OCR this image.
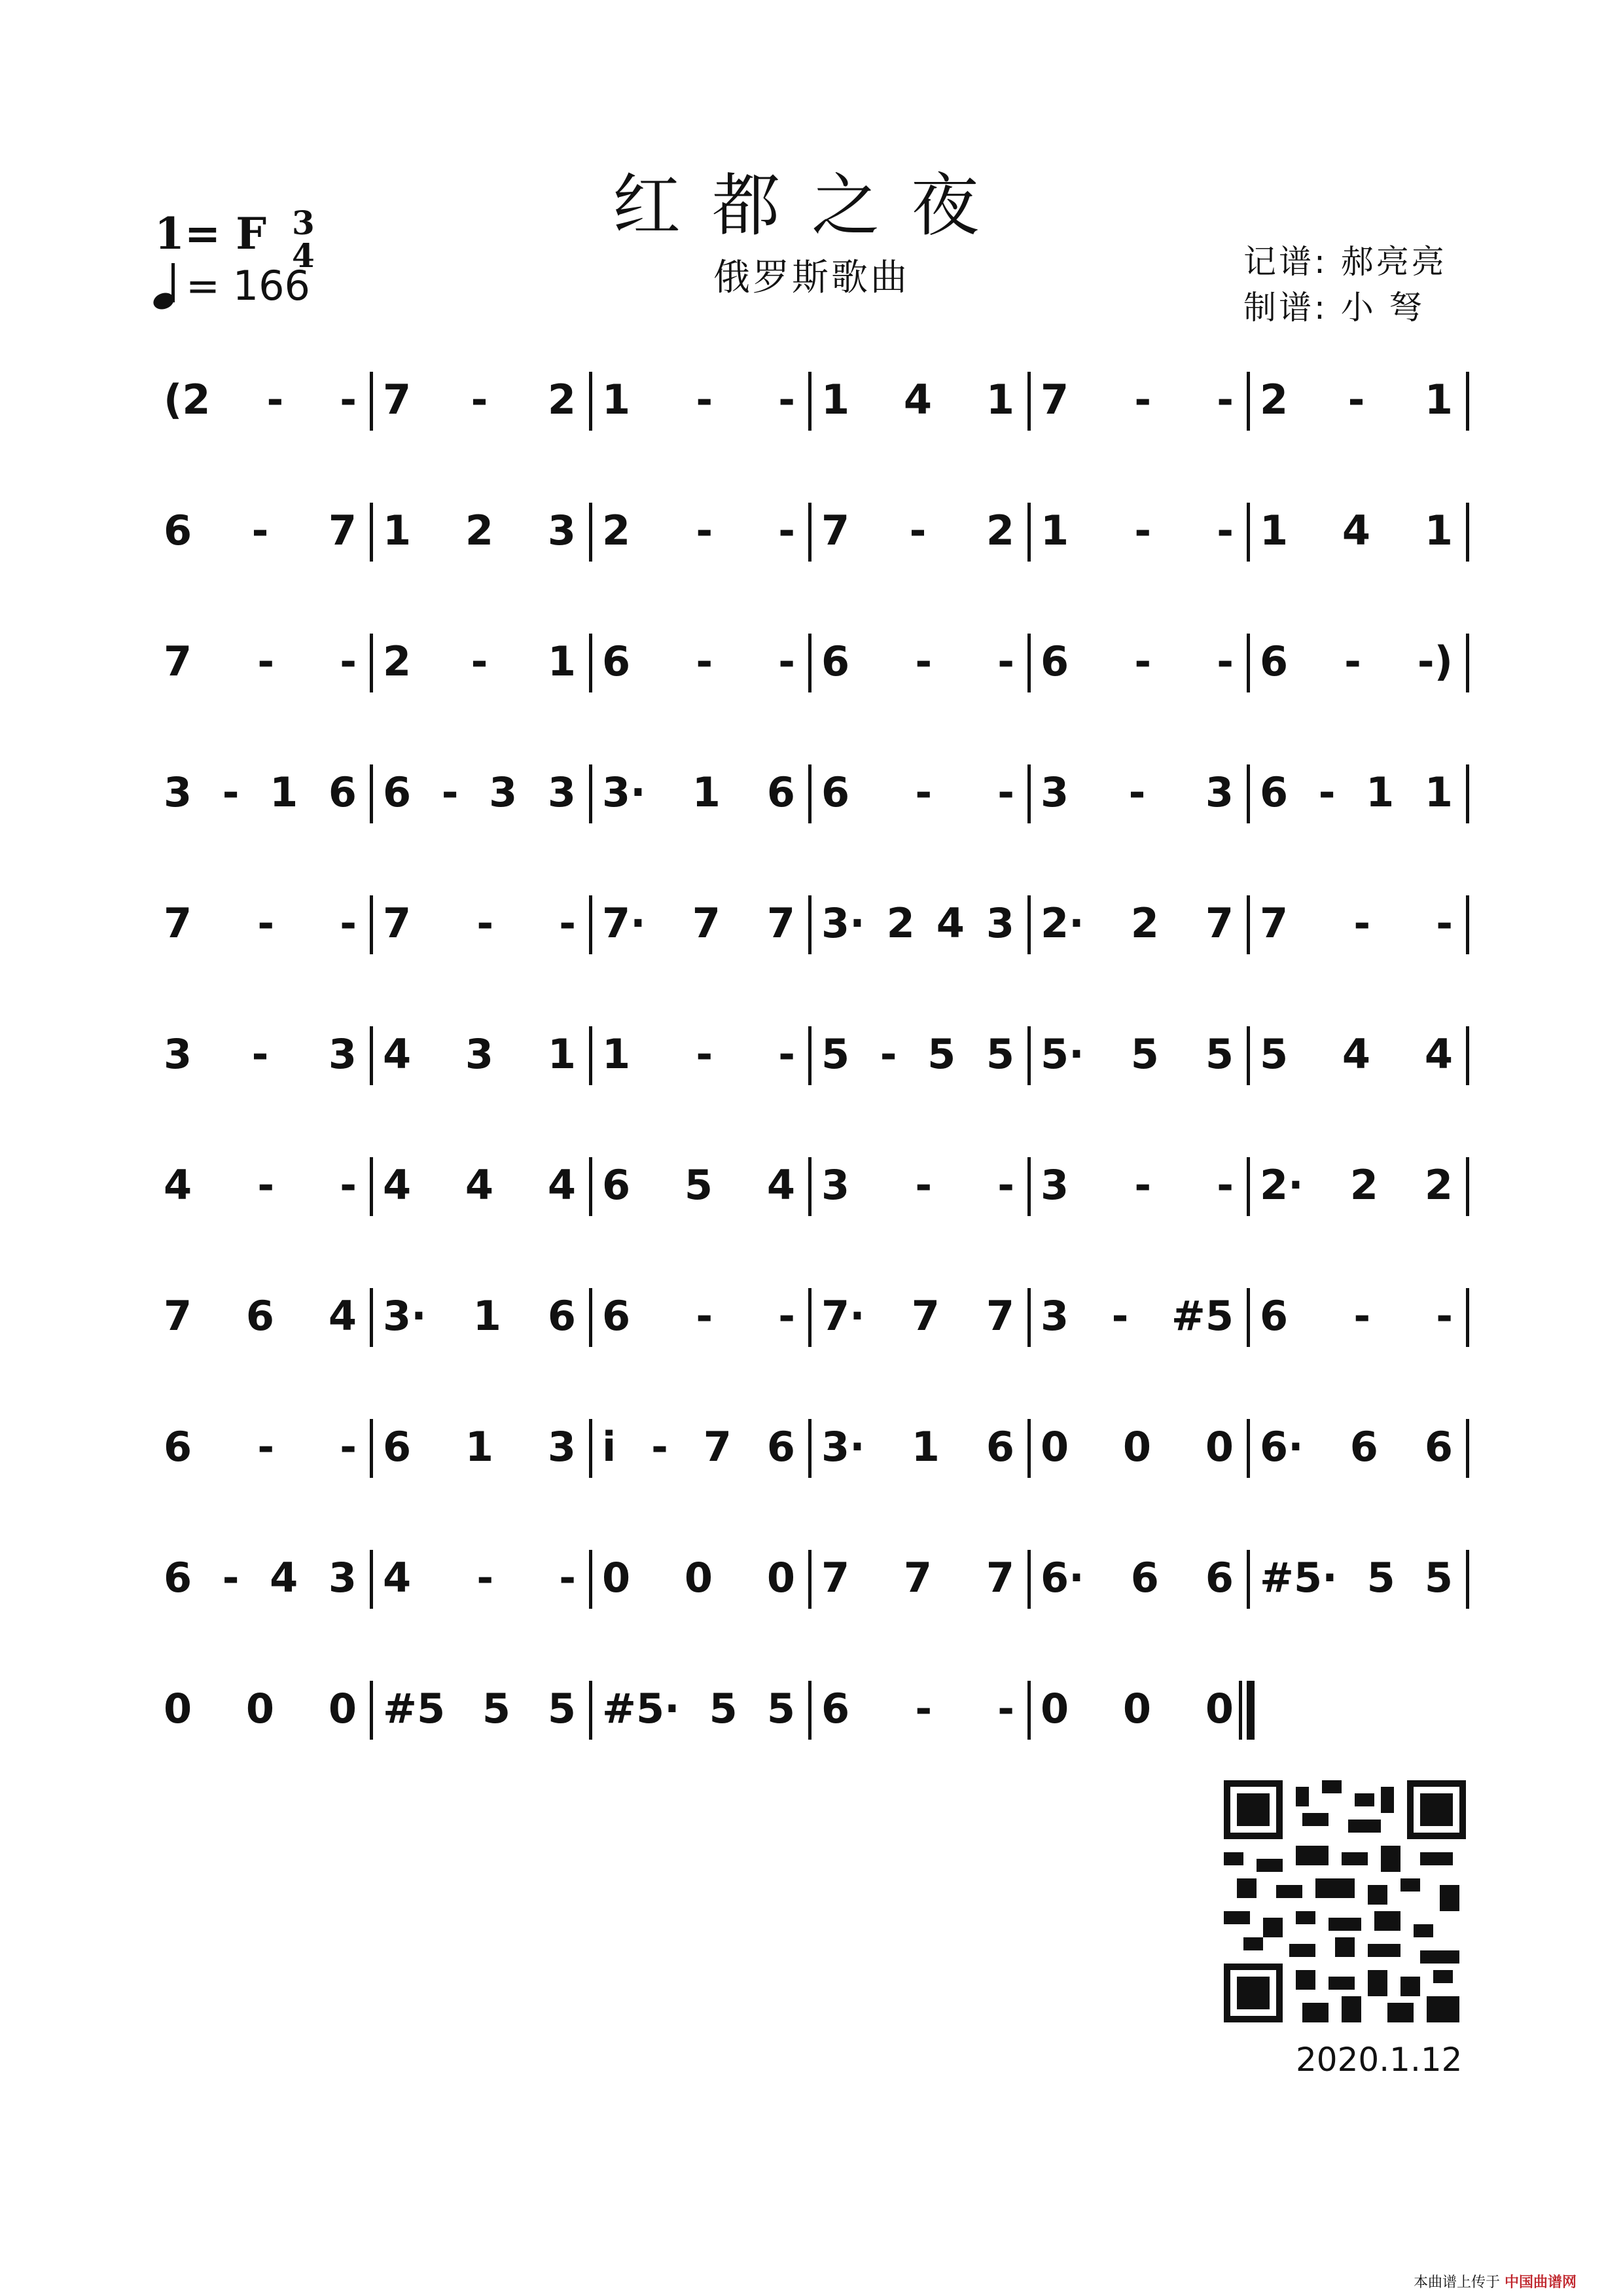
红都之夜
俄罗斯歌曲
1= F 3
4
= 166	记谱: 郝亮亮
制谱: 小 弩
(2 - - 7 - 2 1 - - 1 4 1 7 - - 2 - 1
6 - 7 1 2 3 2 - - 7 - 2 1 - - 1 4 1
7 - - 2 - 1 6 - - 6 - - 6 - - 6 - -)
3 - 1 6 6 - 3 3 3· 1 6 6 - - 3 - 3 6 - 1 1
7 - - 7 - - 7· 7 7 3· 2 4 3 2· 2 7 7 - -
3 - 3 4 3 1 1 - - 5 - 5 5 5· 5 5 5 4 4
4 - - 4 4 4 6 5 4 3 - - 3 - - 2· 2 2
7 6 4 3· 1 6 6 - - 7· 7 7 3 - #5 6 - -
6 - - 6 1 3 i - 7 6 3· 1 6 0 0 0 6· 6 6
6 - 4 3 4 - - 0 0 0 7 7 7 6· 6 6 #5· 5 5
0 0 0 #5 5 5 #5· 5 5 6 - - 0 0 0
2020.1.12
本曲谱上传于 中国曲谱网
